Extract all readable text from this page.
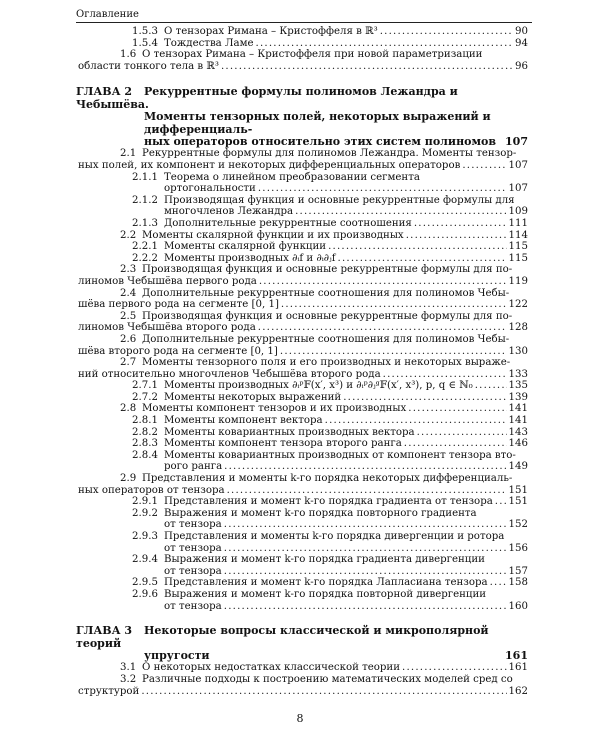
Оглавление
1.5.3 О тензорах Римана – Кристоффеля в ℝ³ .....	90
1.5.4 Тождества Ламе .....	94
1.6 О тензорах Римана – Кристоффеля при новой параметризации
области тонкого тела в ℝ³ .....	96
ГЛАВА 2 Рекуррентные формулы полиномов Лежандра и Чебышёва.
Моменты тензорных полей, некоторых выражений и дифференциаль-
ных операторов относительно этих систем полиномов 107
2.1 Рекуррентные формулы для полиномов Лежандра. Моменты тензор-
ных полей, их компонент и некоторых дифференциальных операторов .....	107
2.1.1 Теорема о линейном преобразовании сегмента
ортогональности .....	107
2.1.2 Производящая функция и основные рекуррентные формулы для
многочленов Лежандра .....	109
2.1.3 Дополнительные рекуррентные соотношения .....	111
2.2 Моменты скалярной функции и их производных .....	114
2.2.1 Моменты скалярной функции .....	115
2.2.2 Моменты производных ∂ᵢf и ∂ᵢ∂ⱼf .....	115
2.3 Производящая функция и основные рекуррентные формулы для по-
линомов Чебышёва первого рода .....	119
2.4 Дополнительные рекуррентные соотношения для полиномов Чебы-
шёва первого рода на сегменте [0, 1] .....	122
2.5 Производящая функция и основные рекуррентные формулы для по-
линомов Чебышёва второго рода .....	128
2.6 Дополнительные рекуррентные соотношения для полиномов Чебы-
шёва второго рода на сегменте [0, 1] .....	130
2.7 Моменты тензорного поля и его производных и некоторых выраже-
ний относительно многочленов Чебышёва второго рода .....	133
2.7.1 Моменты производных ∂ᵢᵖ𝔽(x′, x³) и ∂ᵢᵖ∂ⱼᵍ𝔽(x′, x³), p, q ∈ ℕ₀ .....	135
2.7.2 Моменты некоторых выражений .....	139
2.8 Моменты компонент тензоров и их производных .....	141
2.8.1 Моменты компонент вектора .....	141
2.8.2 Моменты ковариантных производных вектора .....	143
2.8.3 Моменты компонент тензора второго ранга .....	146
2.8.4 Моменты ковариантных производных от компонент тензора вто-
рого ранга .....	149
2.9 Представления и моменты k-го порядка некоторых дифференциаль-
ных операторов от тензора .....	151
2.9.1 Представления и момент k-го порядка градиента от тензора ..... 151
2.9.2 Выражения и момент k-го порядка повторного градиента
от тензора .....	152
2.9.3 Представления и моменты k-го порядка дивергенции и ротора
от тензора .....	156
2.9.4 Выражения и момент k-го порядка градиента дивергенции
от тензора .....	157
2.9.5 Представления и момент k-го порядка Лапласиана тензора ..... 158
2.9.6 Выражения и момент k-го порядка повторной дивергенции
от тензора .....	160
ГЛАВА 3 Некоторые вопросы классической и микрополярной теорий
упругости	161
3.1 О некоторых недостатках классической теории .....	161
3.2 Различные подходы к построению математических моделей сред со
структурой .....	162
8
